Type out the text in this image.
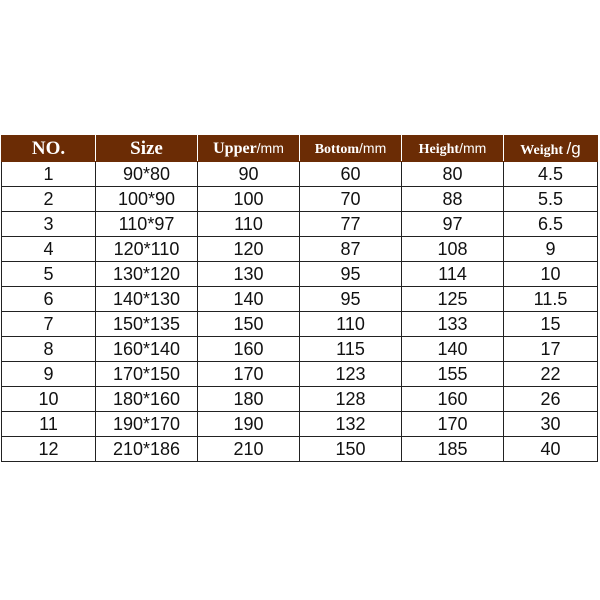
NO.	Size	Upper/mm	Bottom/mm	Height/mm	Weight /g
1	90*80	90	60	80	4.5
2	100*90	100	70	88	5.5
3	110*97	110	77	97	6.5
4	120*110	120	87	108	9
5	130*120	130	95	114	10
6	140*130	140	95	125	11.5
7	150*135	150	110	133	15
8	160*140	160	115	140	17
9	170*150	170	123	155	22
10	180*160	180	128	160	26
11	190*170	190	132	170	30
12	210*186	210	150	185	40
